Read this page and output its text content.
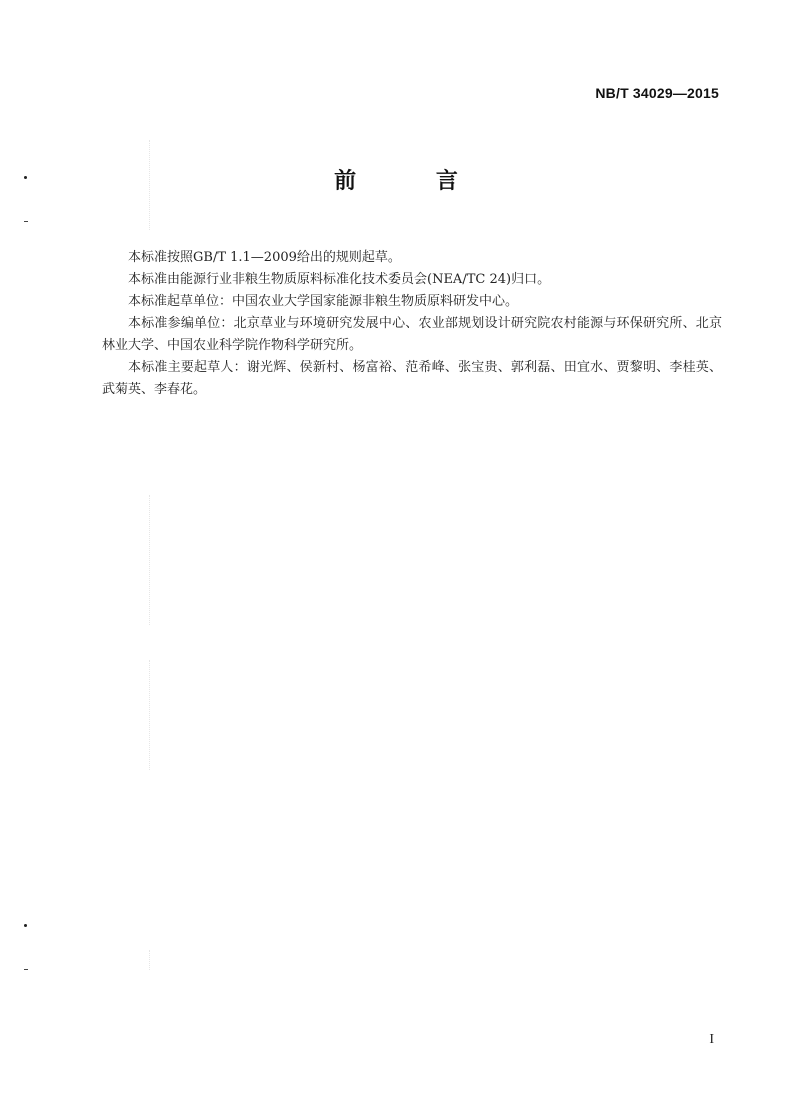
NB/T 34029—2015
前 言

本标准按照GB/T 1.1—2009给出的规则起草。

本标准由能源行业非粮生物质原料标准化技术委员会(NEA/TC 24)归口。

本标准起草单位：中国农业大学国家能源非粮生物质原料研发中心。

本标准参编单位：北京草业与环境研究发展中心、农业部规划设计研究院农村能源与环保研究所、北京林业大学、中国农业科学院作物科学研究所。

本标准主要起草人：谢光辉、侯新村、杨富裕、范希峰、张宝贵、郭利磊、田宜水、贾黎明、李桂英、武菊英、李春花。

I
